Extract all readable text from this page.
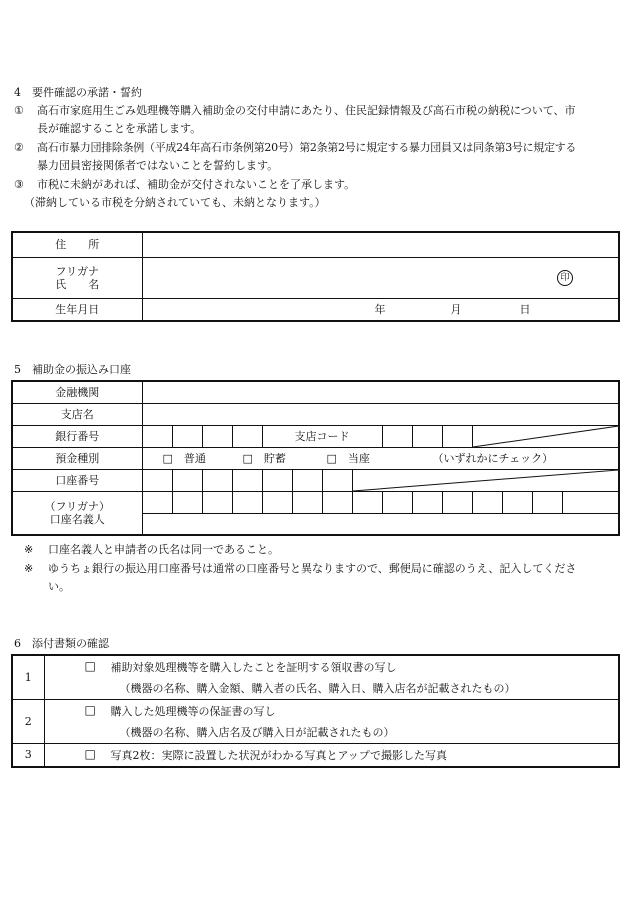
4　要件確認の承諾・誓約
① 高石市家庭用生ごみ処理機等購入補助金の交付申請にあたり、住民記録情報及び高石市税の納税について、市
長が確認することを承諾します。
② 高石市暴力団排除条例（平成24年高石市条例第20号）第2条第2号に規定する暴力団員又は同条第3号に規定する
暴力団員密接関係者ではないことを誓約します。
③ 市税に未納があれば、補助金が交付されないことを了承します。
（滞納している市税を分納されていても、未納となります。）
住　　所	

フリガナ
氏　　名	印

生年月日	年 月 日
5　補助金の振込み口座
金融機関															
支店名															
銀行番号					支店コード				

預金種別	□　普通 □　貯蓄 □　当座 （いずれかにチェック）														

口座番号								

（フリガナ）
口座名義人															

※ 口座名義人と申請者の氏名は同一であること。
※ ゆうちょ銀行の振込用口座番号は通常の口座番号と異なりますので、郵便局に確認のうえ、記入してくださ
い。
6　添付書類の確認
1	□ 補助対象処理機等を購入したことを証明する領収書の写し
（機器の名称、購入金額、購入者の氏名、購入日、購入店名が記載されたもの）

2	□ 購入した処理機等の保証書の写し
（機器の名称、購入店名及び購入日が記載されたもの）

3	□ 写真2枚：実際に設置した状況がわかる写真とアップで撮影した写真
